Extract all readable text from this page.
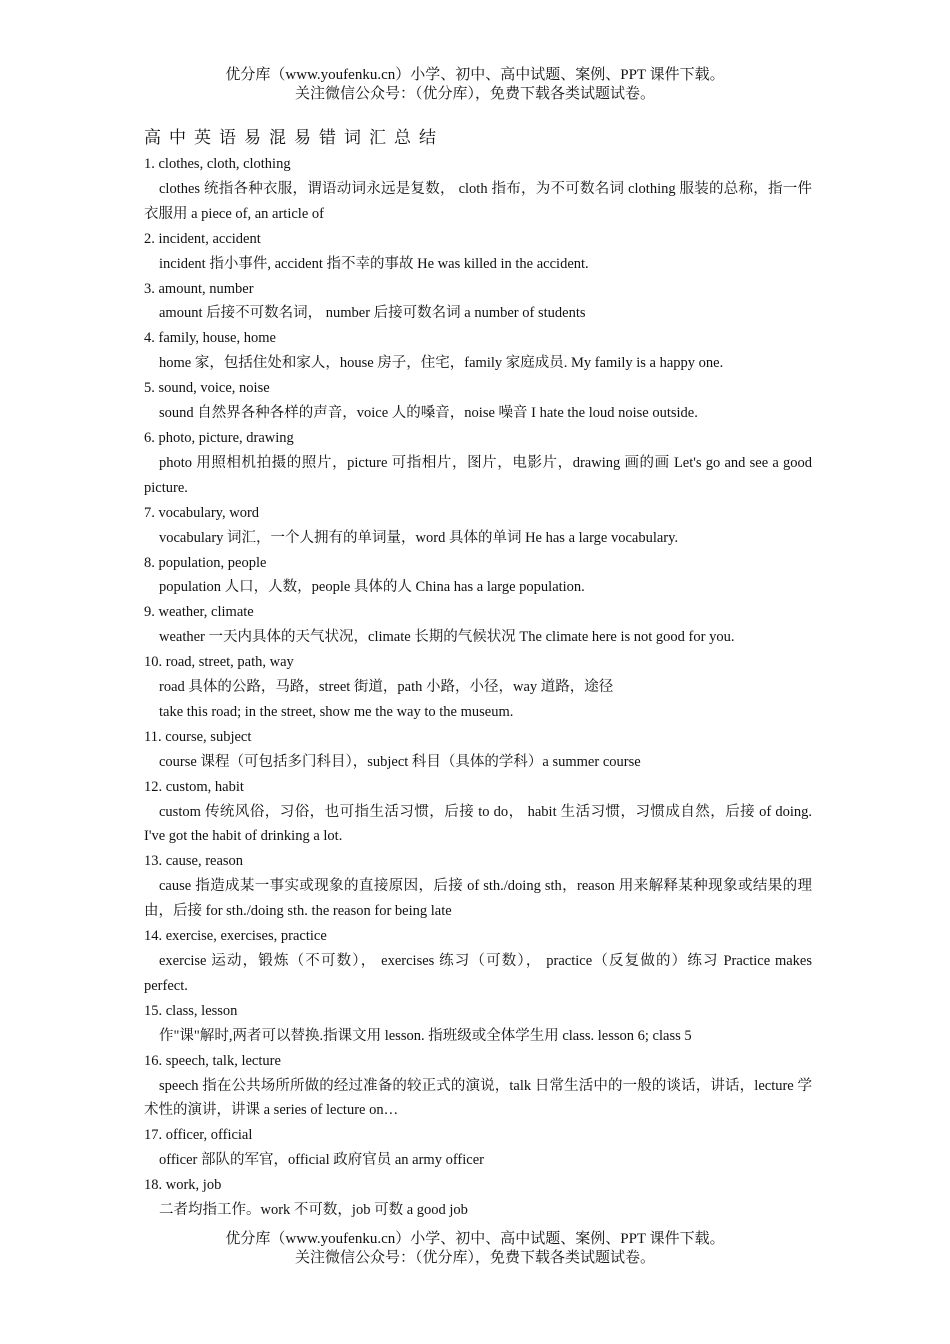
优分库（www.youfenku.cn）小学、初中、高中试题、案例、PPT 课件下载。
关注微信公众号：（优分库），免费下载各类试题试卷。
高中英语易混易错词汇总结

1. clothes, cloth, clothing

clothes 统指各种衣服，谓语动词永远是复数， cloth 指布，为不可数名词 clothing 服装的总称，指一件衣服用 a piece of, an article of

2. incident, accident

incident 指小事件, accident 指不幸的事故 He was killed in the accident.

3. amount, number

amount 后接不可数名词， number 后接可数名词 a number of students

4. family, house, home

home 家，包括住处和家人，house 房子，住宅，family 家庭成员. My family is a happy one.

5. sound, voice, noise

sound 自然界各种各样的声音，voice 人的嗓音，noise 噪音 I hate the loud noise outside.

6. photo, picture, drawing

photo 用照相机拍摄的照片，picture 可指相片，图片，电影片，drawing 画的画 Let's go and see a good picture.

7. vocabulary, word

vocabulary 词汇，一个人拥有的单词量，word 具体的单词 He has a large vocabulary.

8. population, people

population 人口，人数，people 具体的人 China has a large population.

9. weather, climate

weather 一天内具体的天气状况，climate 长期的气候状况 The climate here is not good for you.

10. road, street, path, way

road 具体的公路，马路，street 街道，path 小路，小径，way 道路，途径

take this road; in the street, show me the way to the museum.

11. course, subject

course 课程（可包括多门科目），subject 科目（具体的学科）a summer course

12. custom, habit

custom 传统风俗，习俗，也可指生活习惯，后接 to do， habit 生活习惯，习惯成自然，后接 of doing. I've got the habit of drinking a lot.

13. cause, reason

cause 指造成某一事实或现象的直接原因，后接 of sth./doing sth，reason 用来解释某种现象或结果的理由，后接 for sth./doing sth. the reason for being late

14. exercise, exercises, practice

exercise 运动，锻炼（不可数）， exercises 练习（可数）， practice（反复做的）练习 Practice makes perfect.

15. class, lesson

作"课"解时,两者可以替换.指课文用 lesson. 指班级或全体学生用 class. lesson 6; class 5

16. speech, talk, lecture

speech 指在公共场所所做的经过准备的较正式的演说，talk 日常生活中的一般的谈话，讲话，lecture 学术性的演讲，讲课 a series of lecture on…

17. officer, official

officer 部队的军官，official 政府官员 an army officer

18. work, job

二者均指工作。work 不可数，job 可数 a good job

优分库（www.youfenku.cn）小学、初中、高中试题、案例、PPT 课件下载。
关注微信公众号：（优分库），免费下载各类试题试卷。
